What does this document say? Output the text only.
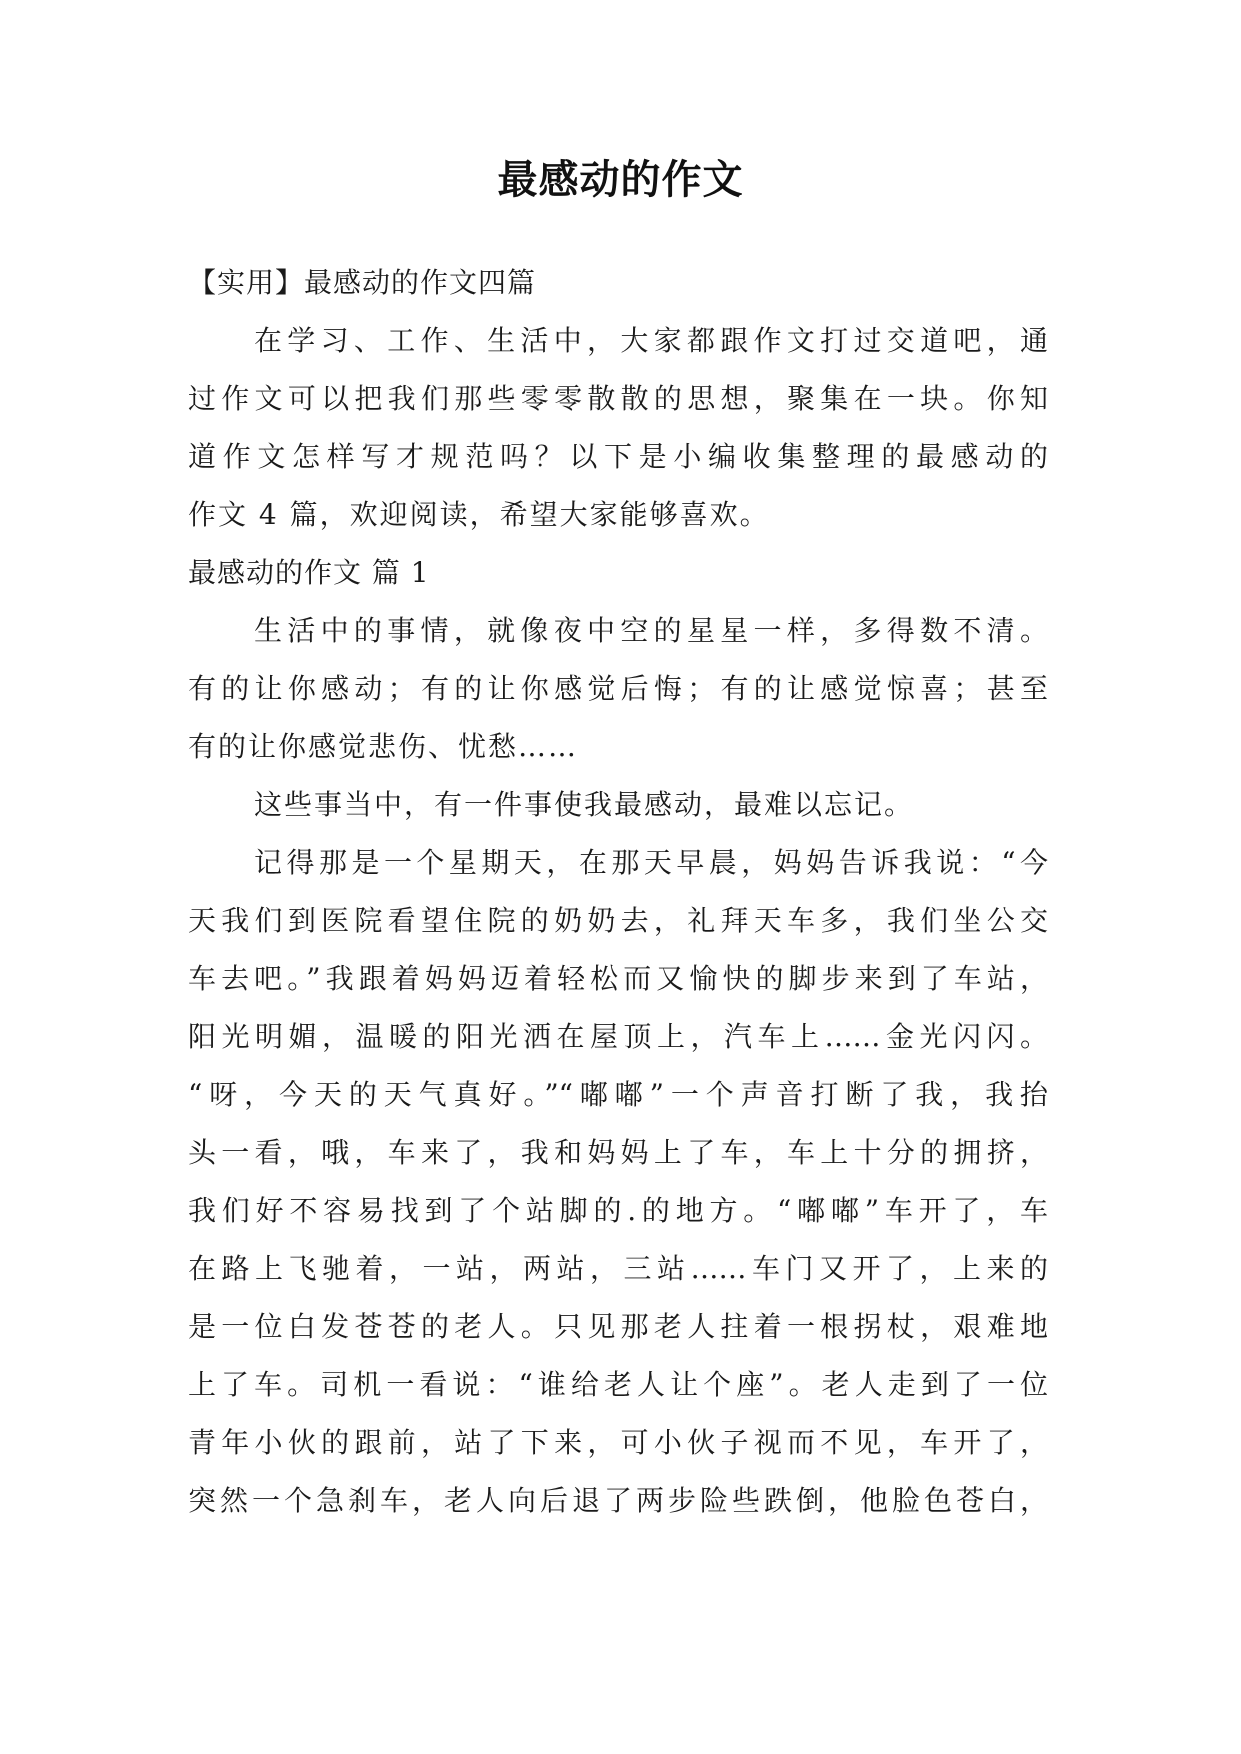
最感动的作文

【实用】最感动的作文四篇

在学习、工作、生活中，大家都跟作文打过交道吧，通

过作文可以把我们那些零零散散的思想，聚集在一块。你知

道作文怎样写才规范吗？以下是小编收集整理的最感动的

作文 4 篇，欢迎阅读，希望大家能够喜欢。

最感动的作文 篇 1

生活中的事情，就像夜中空的星星一样，多得数不清。

有的让你感动；有的让你感觉后悔；有的让感觉惊喜；甚至

有的让你感觉悲伤、忧愁……

这些事当中，有一件事使我最感动，最难以忘记。

记得那是一个星期天，在那天早晨，妈妈告诉我说：“今

天我们到医院看望住院的奶奶去，礼拜天车多，我们坐公交

车去吧。”我跟着妈妈迈着轻松而又愉快的脚步来到了车站，

阳光明媚，温暖的阳光洒在屋顶上，汽车上……金光闪闪。

“呀，今天的天气真好。”“嘟嘟”一个声音打断了我，我抬

头一看，哦，车来了，我和妈妈上了车，车上十分的拥挤，

我们好不容易找到了个站脚的.的地方。“嘟嘟”车开了，车

在路上飞驰着，一站，两站，三站……车门又开了，上来的

是一位白发苍苍的老人。只见那老人拄着一根拐杖，艰难地

上了车。司机一看说：“谁给老人让个座”。老人走到了一位

青年小伙的跟前，站了下来，可小伙子视而不见，车开了，

突然一个急刹车，老人向后退了两步险些跌倒，他脸色苍白，
